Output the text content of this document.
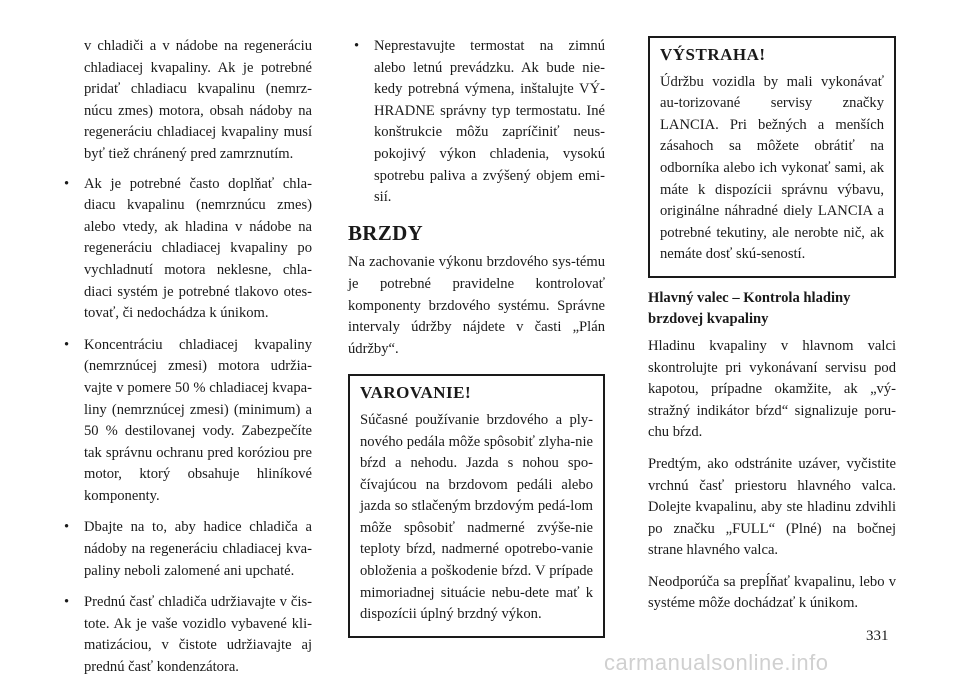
v chladiči a v nádobe na regeneráciu chladiacej kvapaliny. Ak je potrebné pridať chladiacu kvapalinu (nemrz-núcu zmes) motora, obsah nádoby na regeneráciu chladiacej kvapaliny musí byť tiež chránený pred zamrznutím.

• Ak je potrebné často doplňať chla-diacu kvapalinu (nemrznúcu zmes) alebo vtedy, ak hladina v nádobe na regeneráciu chladiacej kvapaliny po vychladnutí motora neklesne, chla-diaci systém je potrebné tlakovo otes-tovať, či nedochádza k únikom.
• Koncentráciu chladiacej kvapaliny (nemrznúcej zmesi) motora udržia-vajte v pomere 50 % chladiacej kvapa-liny (nemrznúcej zmesi) (minimum) a 50 % destilovanej vody. Zabezpečíte tak správnu ochranu pred koróziou pre motor, ktorý obsahuje hliníkové komponenty.
• Dbajte na to, aby hadice chladiča a nádoby na regeneráciu chladiacej kva-paliny neboli zalomené ani upchaté.
• Prednú časť chladiča udržiavajte v čis-tote. Ak je vaše vozidlo vybavené kli-matizáciou, v čistote udržiavajte aj prednú časť kondenzátora.
• Neprestavujte termostat na zimnú alebo letnú prevádzku. Ak bude nie-kedy potrebná výmena, inštalujte VÝ-HRADNE správny typ termostatu. Iné konštrukcie môžu zapríčiniť neus-pokojivý výkon chladenia, vysokú spotrebu paliva a zvýšený objem emi-sií.
BRZDY

Na zachovanie výkonu brzdového sys-tému je potrebné pravidelne kontrolovať komponenty brzdového systému. Správne intervaly údržby nájdete v časti „Plán údržby“.

VAROVANIE!

Súčasné používanie brzdového a ply-nového pedála môže spôsobiť zlyha-nie bŕzd a nehodu. Jazda s nohou spo-čívajúcou na brzdovom pedáli alebo jazda so stlačeným brzdovým pedá-lom môže spôsobiť nadmerné zvýše-nie teploty bŕzd, nadmerné opotrebo-vanie obloženia a poškodenie bŕzd. V prípade mimoriadnej situácie nebu-dete mať k dispozícii úplný brzdný výkon.

VÝSTRAHA!

Údržbu vozidla by mali vykonávať au-torizované servisy značky LANCIA. Pri bežných a menších zásahoch sa môžete obrátiť na odborníka alebo ich vykonať sami, ak máte k dispozícii správnu výbavu, originálne náhradné diely LANCIA a potrebné tekutiny, ale nerobte nič, ak nemáte dosť skú-seností.

Hlavný valec – Kontrola hladiny brzdovej kvapaliny

Hladinu kvapaliny v hlavnom valci skontrolujte pri vykonávaní servisu pod kapotou, prípadne okamžite, ak „vý-stražný indikátor bŕzd“ signalizuje poru-chu bŕzd.

Predtým, ako odstránite uzáver, vyčistite vrchnú časť priestoru hlavného valca. Dolejte kvapalinu, aby ste hladinu zdvihli po značku „FULL“ (Plné) na bočnej strane hlavného valca.

Neodporúča sa prepĺňať kvapalinu, lebo v systéme môže dochádzať k únikom.

331
carmanualsonline.info
